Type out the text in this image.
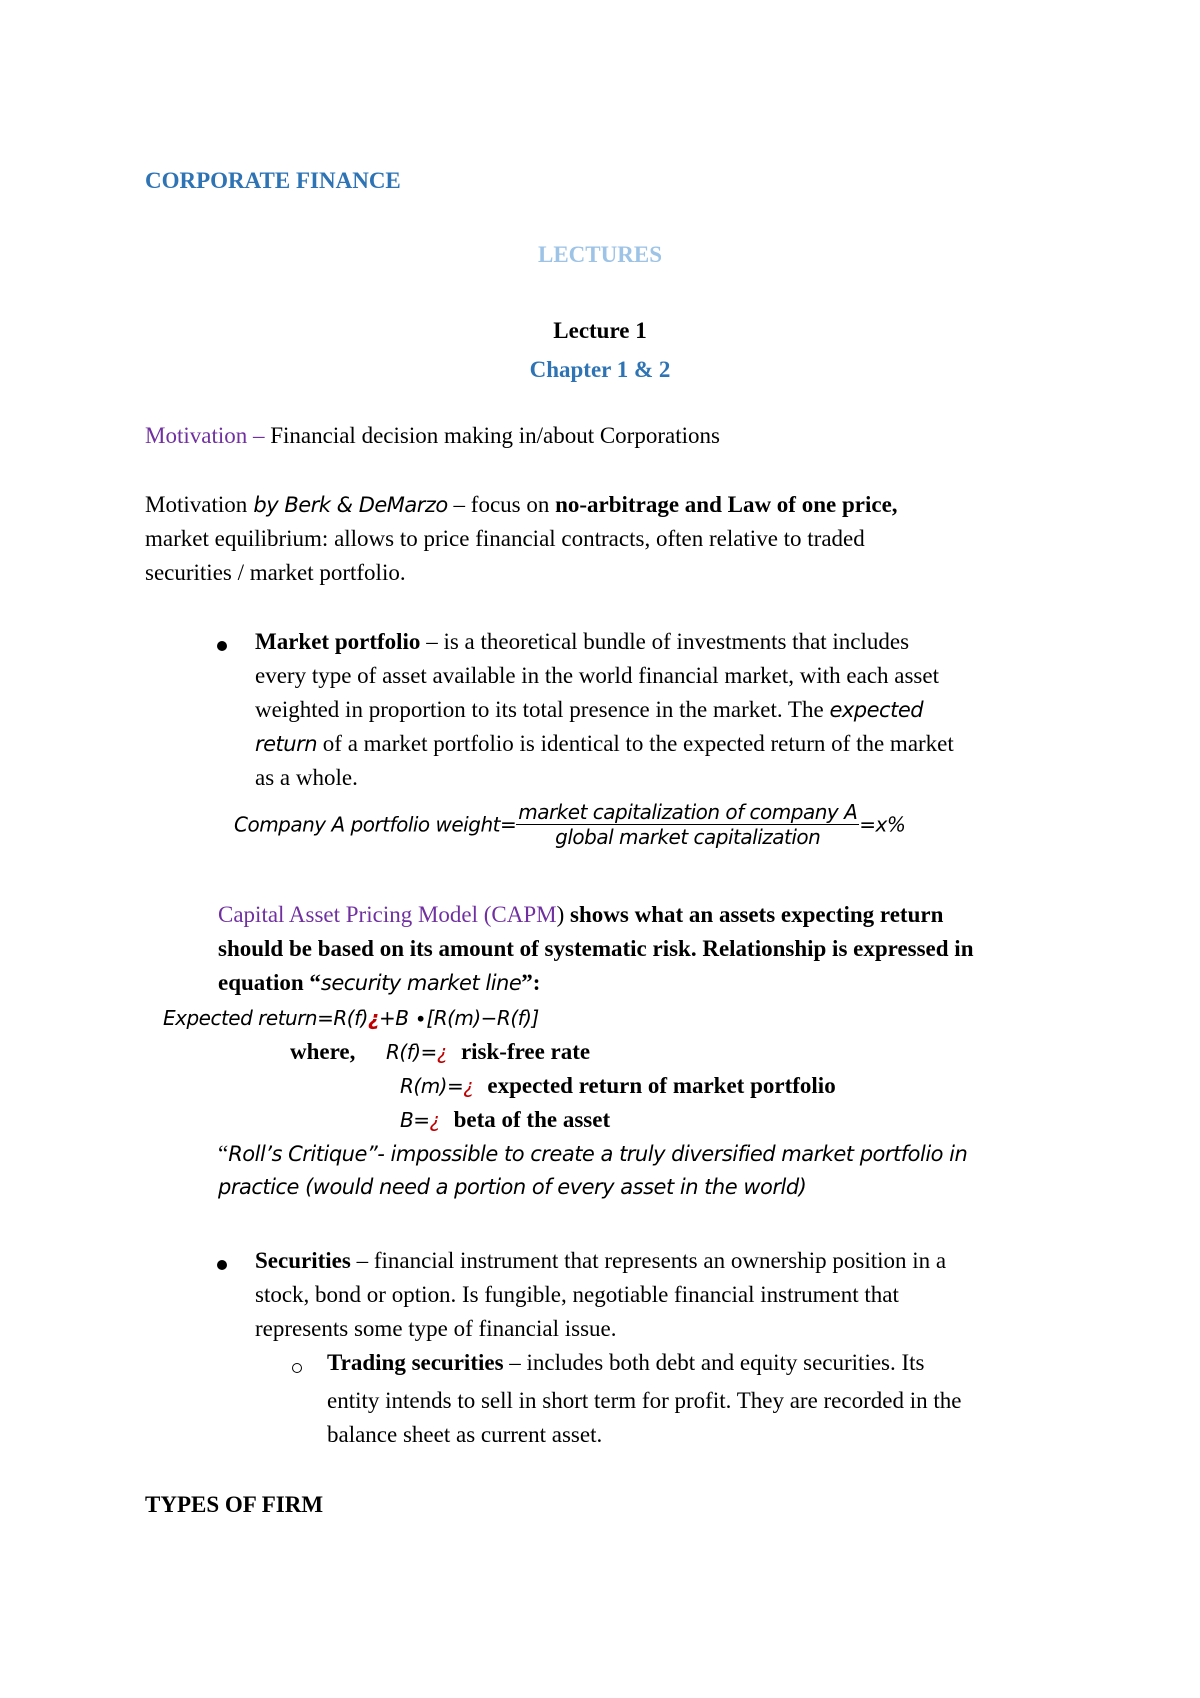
CORPORATE FINANCE
LECTURES
Lecture 1
Chapter 1 & 2
Motivation – Financial decision making in/about Corporations
Motivation by Berk & DeMarzo – focus on no-arbitrage and Law of one price,
market equilibrium: allows to price financial contracts, often relative to traded
securities / market portfolio.
Market portfolio – is a theoretical bundle of investments that includes
every type of asset available in the world financial market, with each asset
weighted in proportion to its total presence in the market. The expected
return of a market portfolio is identical to the expected return of the market
as a whole.
Company A portfolio weight= $\frac{\text{market capitalization of company A}}{\text{global market capitalization}} =x\%$
Capital Asset Pricing Model (CAPM) shows what an assets expecting return
should be based on its amount of systematic risk. Relationship is expressed in
equation “security market line”:
Expected return=R(f)¿+B ∙[R(m)−R(f)]
where, R(f)=¿ risk-free rate
R(m)=¿ expected return of market portfolio
B=¿ beta of the asset
“Roll’s Critique”- impossible to create a truly diversified market portfolio in
practice (would need a portion of every asset in the world)
Securities – financial instrument that represents an ownership position in a
stock, bond or option. Is fungible, negotiable financial instrument that
represents some type of financial issue.
Trading securities – includes both debt and equity securities. Its
entity intends to sell in short term for profit. They are recorded in the
balance sheet as current asset.
TYPES OF FIRM
